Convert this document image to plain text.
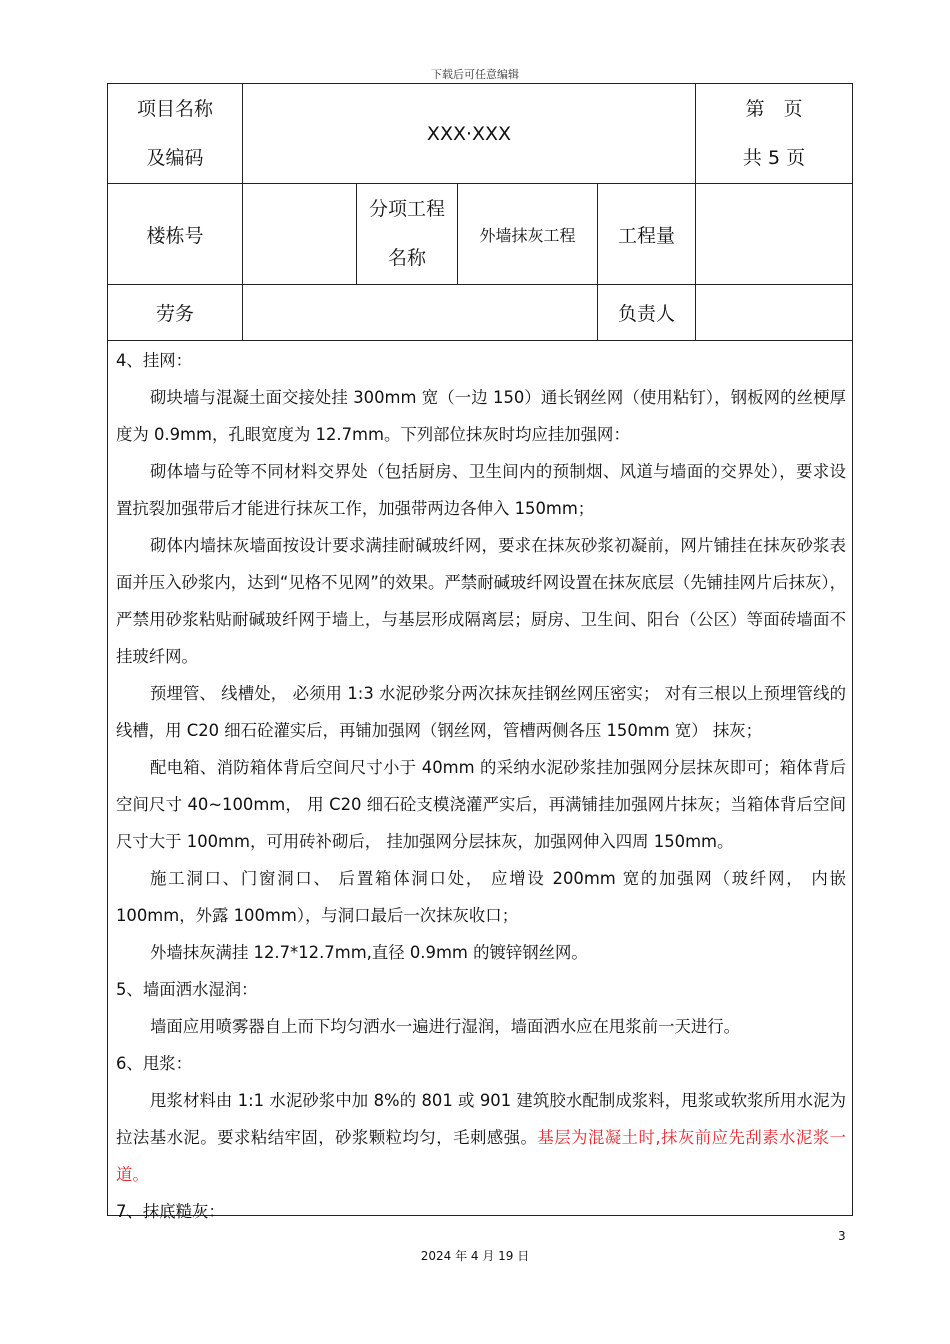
下载后可任意编辑
项目名称
及编码
XXX·XXX
第　页
共 5 页
楼栋号
分项工程
名称
外墙抹灰工程	工程量
劳务	负责人

4、挂网：

砌块墙与混凝土面交接处挂 300mm 宽（一边 150）通长钢丝网（使用粘钉），钢板网的丝梗厚度为 0.9mm，孔眼宽度为 12.7mm。下列部位抹灰时均应挂加强网：

砌体墙与砼等不同材料交界处（包括厨房、卫生间内的预制烟、风道与墙面的交界处），要求设置抗裂加强带后才能进行抹灰工作，加强带两边各伸入 150mm；

砌体内墙抹灰墙面按设计要求满挂耐碱玻纤网，要求在抹灰砂浆初凝前，网片铺挂在抹灰砂浆表面并压入砂浆内，达到“见格不见网”的效果。严禁耐碱玻纤网设置在抹灰底层（先铺挂网片后抹灰），严禁用砂浆粘贴耐碱玻纤网于墙上，与基层形成隔离层；厨房、卫生间、阳台（公区）等面砖墙面不挂玻纤网。

预埋管、 线槽处， 必须用 1:3 水泥砂浆分两次抹灰挂钢丝网压密实； 对有三根以上预埋管线的线槽，用 C20 细石砼灌实后，再铺加强网（钢丝网，管槽两侧各压 150mm 宽） 抹灰；

配电箱、消防箱体背后空间尺寸小于 40mm 的采纳水泥砂浆挂加强网分层抹灰即可；箱体背后空间尺寸 40~100mm， 用 C20 细石砼支模浇灌严实后，再满铺挂加强网片抹灰；当箱体背后空间尺寸大于 100mm，可用砖补砌后， 挂加强网分层抹灰，加强网伸入四周 150mm。

施工洞口、门窗洞口、 后置箱体洞口处， 应增设 200mm 宽的加强网（玻纤网， 内嵌 100mm，外露 100mm），与洞口最后一次抹灰收口；

外墙抹灰满挂 12.7*12.7mm,直径 0.9mm 的镀锌钢丝网。

5、墙面洒水湿润：

墙面应用喷雾器自上而下均匀洒水一遍进行湿润，墙面洒水应在甩浆前一天进行。

6、甩浆：

甩浆材料由 1:1 水泥砂浆中加 8%的 801 或 901 建筑胶水配制成浆料，甩浆或软浆所用水泥为拉法基水泥。要求粘结牢固，砂浆颗粒均匀，毛刺感强。基层为混凝土时,抹灰前应先刮素水泥浆一道。

7、抹底糙灰：

3
2024 年 4 月 19 日
